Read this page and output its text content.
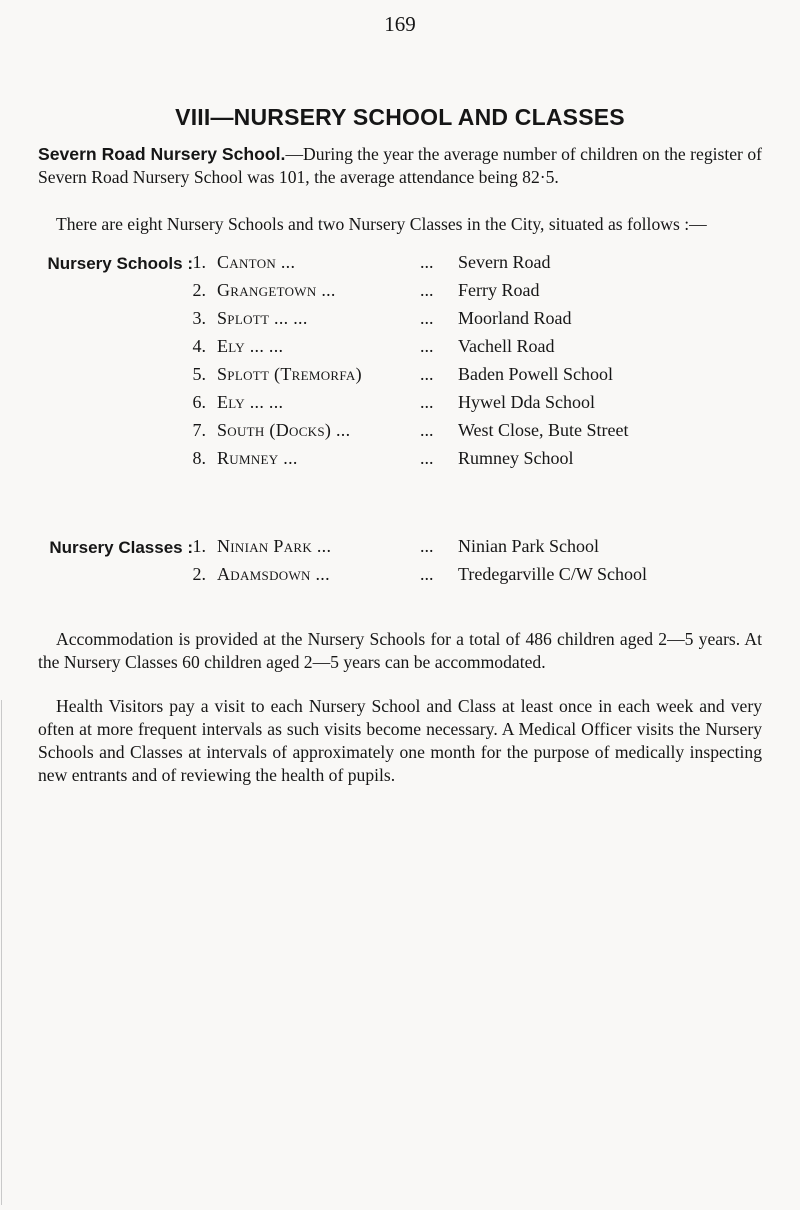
169
VIII—NURSERY SCHOOL AND CLASSES
Severn Road Nursery School.—During the year the average number of children on the register of Severn Road Nursery School was 101, the average attendance being 82·5.
There are eight Nursery Schools and two Nursery Classes in the City, situated as follows :—
Nursery Schools : 1. Canton ...	... Severn Road
2. Grangetown ...	... Ferry Road
3. Splott ... ...	... Moorland Road
4. Ely ... ...	... Vachell Road
5. Splott (Tremorfa)	... Baden Powell School
6. Ely ... ...	... Hywel Dda School
7. South (Docks) ...	... West Close, Bute Street
8. Rumney ...	... Rumney School
Nursery Classes : 1. Ninian Park ...	... Ninian Park School
2. Adamsdown ...	... Tredegarville C/W School
Accommodation is provided at the Nursery Schools for a total of 486 children aged 2—5 years. At the Nursery Classes 60 children aged 2—5 years can be accommodated.
Health Visitors pay a visit to each Nursery School and Class at least once in each week and very often at more frequent intervals as such visits become necessary. A Medical Officer visits the Nursery Schools and Classes at intervals of approximately one month for the purpose of medically inspecting new entrants and of reviewing the health of pupils.
